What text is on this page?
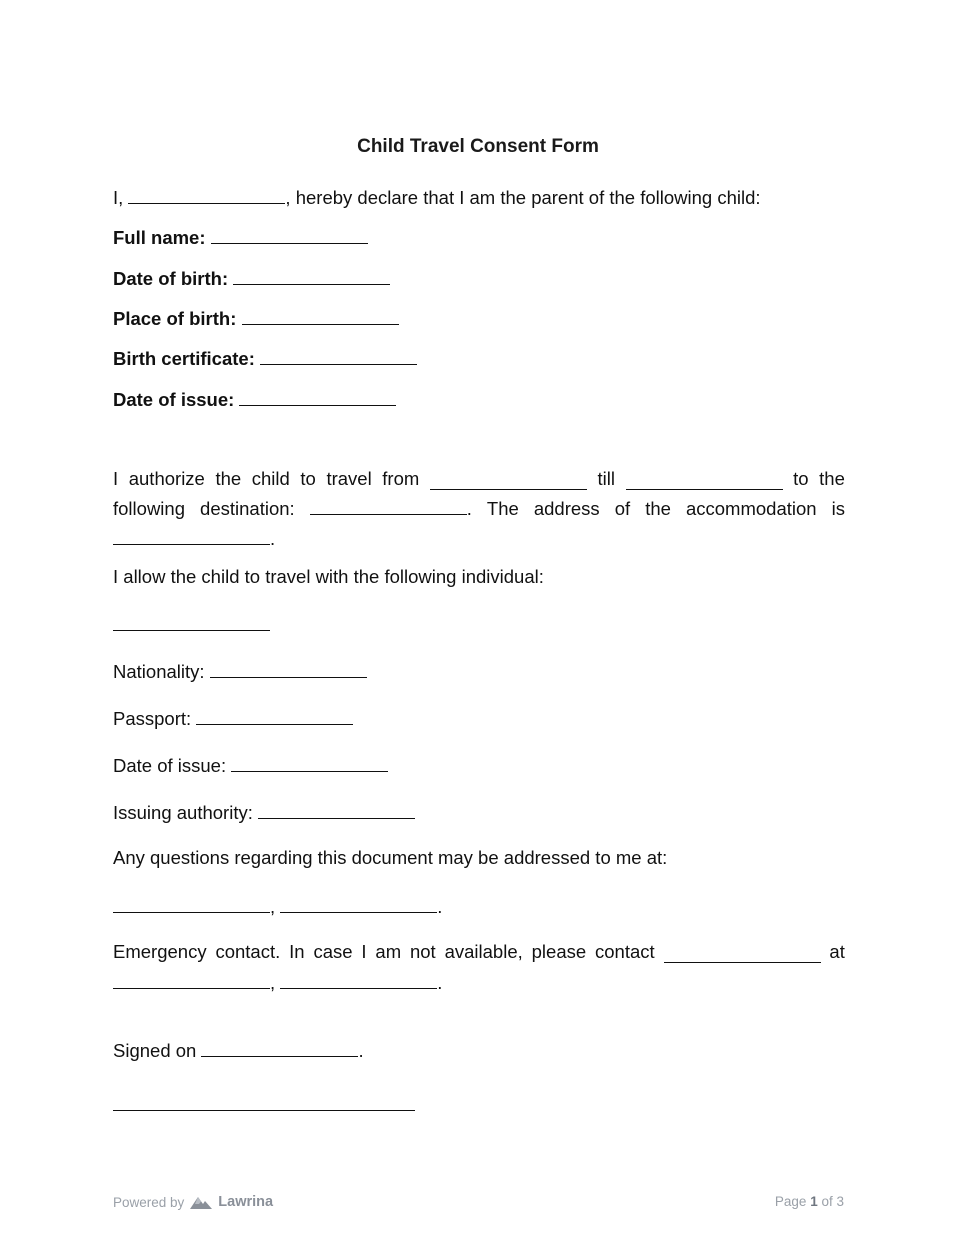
Child Travel Consent Form
I,	, hereby declare that I am the parent of the following child:
Full name:
Date of birth:
Place of birth:
Birth certificate:
Date of issue:
I authorize the child to travel from	till	to the
following destination:	. The address of the accommodation is
.
I allow the child to travel with the following individual:
Nationality:
Passport:
Date of issue:
Issuing authority:
Any questions regarding this document may be addressed to me at:
,	.
Emergency contact. In case I am not available, please contact	at
,	.
Signed on	.
Powered by Lawrina	Page 1 of 3
